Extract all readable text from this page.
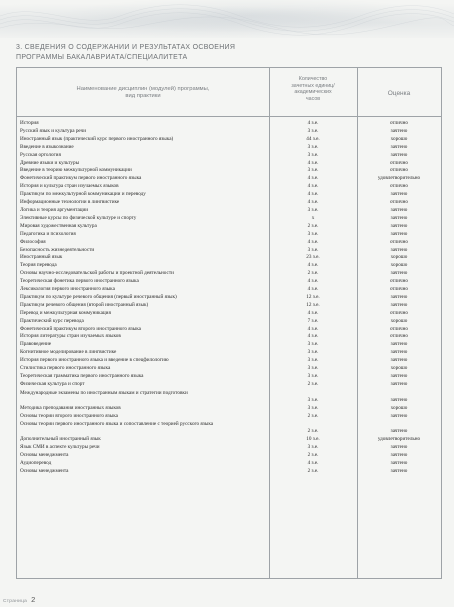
3. СВЕДЕНИЯ О СОДЕРЖАНИИ И РЕЗУЛЬТАТАХ ОСВОЕНИЯ
ПРОГРАММЫ БАКАЛАВРИАТА/СПЕЦИАЛИТЕТА
Наименование дисциплин (модулей) программы,
вид практики
Количество
зачетных единиц/
академических
часов
Оценка
История	4 з.е.	отлично
Русский язык и культура речи	3 з.е.	зачтено
Иностранный язык (практический курс первого иностранного языка)	44 з.е.	хорошо
Введение в языкознание	3 з.е.	зачтено
Русская ортология	3 з.е.	зачтено
Древние языки и культуры	4 з.е.	отлично
Введение в теорию межкультурной коммуникации	3 з.е.	отлично
Фонетический практикум первого иностранного языка	4 з.е.	удовлетворительно
История и культура стран изучаемых языков	4 з.е.	отлично
Практикум по межкультурной коммуникации и переводу	4 з.е.	зачтено
Информационные технологии в лингвистике	4 з.е.	отлично
Логика и теория аргументации	3 з.е.	зачтено
Элективные курсы по физической культуре и спорту	x	зачтено
Мировая художественная культура	2 з.е.	зачтено
Педагогика и психология	3 з.е.	зачтено
Философия	4 з.е.	отлично
Безопасность жизнедеятельности	3 з.е.	зачтено
Иностранный язык	23 з.е.	хорошо
Теория перевода	4 з.е.	хорошо
Основы научно-исследовательской работы и проектной деятельности	2 з.е.	зачтено
Теоретическая фонетика первого иностранного языка	4 з.е.	отлично
Лексикология первого иностранного языка	4 з.е.	отлично
Практикум по культуре речевого общения (первый иностранный язык)	12 з.е.	зачтено
Практикум речевого общения (второй иностранный язык)	12 з.е.	зачтено
Перевод и межкультурная коммуникация	4 з.е.	отлично
Практический курс перевода	7 з.е.	хорошо
Фонетический практикум второго иностранного языка	4 з.е.	отлично
История литературы стран изучаемых языков	4 з.е.	отлично
Правоведение	3 з.е.	зачтено
Когнитивное моделирование в лингвистике	3 з.е.	зачтено
История первого иностранного языка и введение в спецфилологию	3 з.е.	зачтено
Стилистика первого иностранного языка	3 з.е.	хорошо
Теоретическая грамматика первого иностранного языка	3 з.е.	зачтено
Физическая культура и спорт	2 з.е.	зачтено
Международные экзамены по иностранным языкам и стратегии подготовки
3 з.е.	зачтено
Методика преподавания иностранных языков	3 з.е.	хорошо
Основы теории второго иностранного языка	2 з.е.	зачтено
Основы теории первого иностранного языка и сопоставление с теорией русского языка
2 з.е.	зачтено
Дополнительный иностранный язык	10 з.е.	удовлетворительно
Язык СМИ в аспекте культуры речи	3 з.е.	зачтено
Основы менеджмента	2 з.е.	зачтено
Аудиоперевод	4 з.е.	зачтено
Основы менеджмента	2 з.е.	зачтено
Страница 2
